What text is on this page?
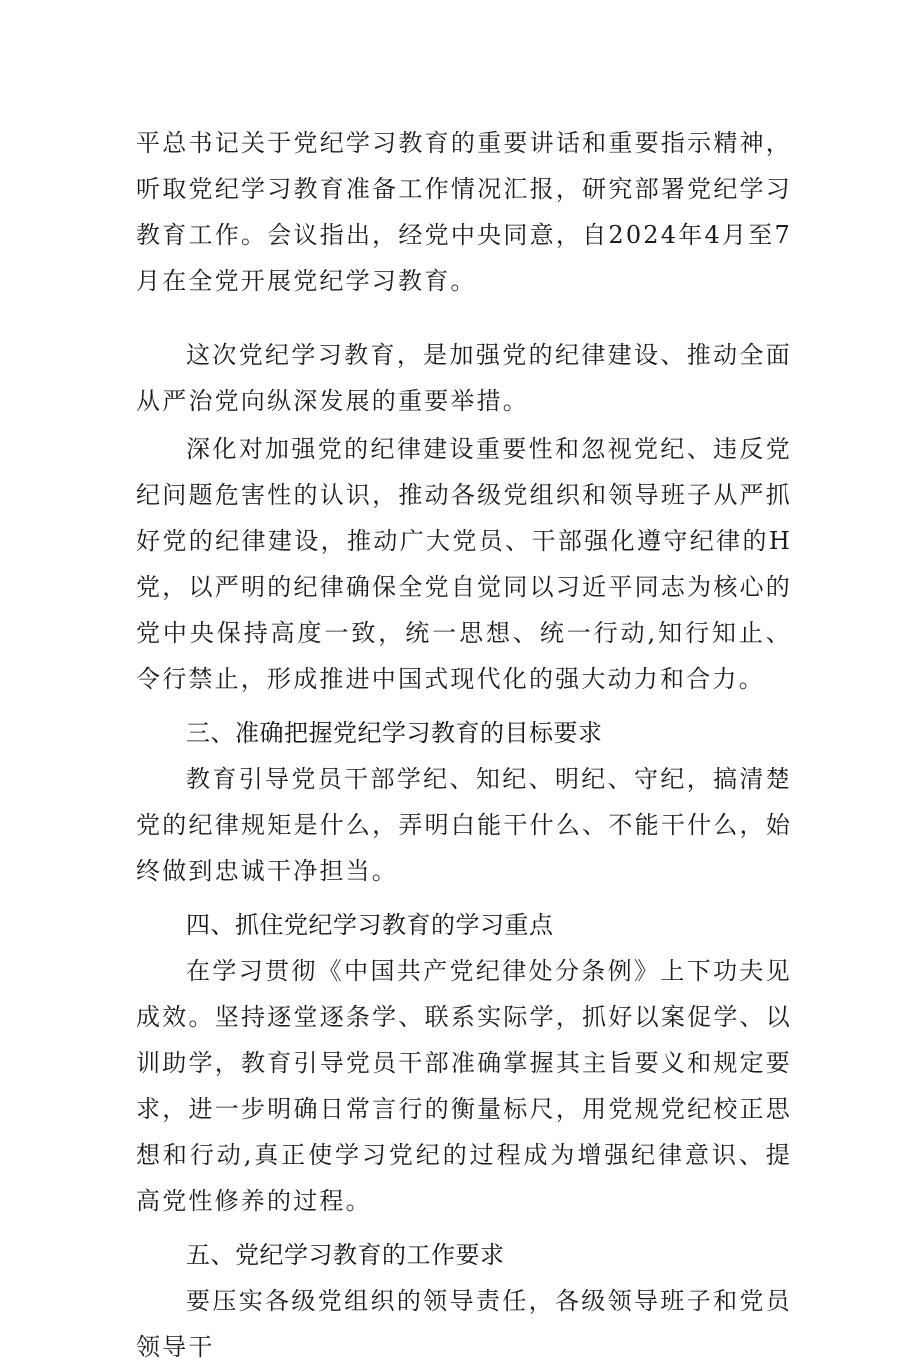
平总书记关于党纪学习教育的重要讲话和重要指示精神，听取党纪学习教育准备工作情况汇报，研究部署党纪学习教育工作。会议指出，经党中央同意，自2024年4月至7月在全党开展党纪学习教育。

这次党纪学习教育，是加强党的纪律建设、推动全面从严治党向纵深发展的重要举措。

深化对加强党的纪律建设重要性和忽视党纪、违反党纪问题危害性的认识，推动各级党组织和领导班子从严抓好党的纪律建设，推动广大党员、干部强化遵守纪律的H党，以严明的纪律确保全党自觉同以习近平同志为核心的党中央保持高度一致，统一思想、统一行动,知行知止、令行禁止，形成推进中国式现代化的强大动力和合力。

三、准确把握党纪学习教育的目标要求

教育引导党员干部学纪、知纪、明纪、守纪，搞清楚党的纪律规矩是什么，弄明白能干什么、不能干什么，始终做到忠诚干净担当。

四、抓住党纪学习教育的学习重点

在学习贯彻《中国共产党纪律处分条例》上下功夫见成效。坚持逐堂逐条学、联系实际学，抓好以案促学、以训助学，教育引导党员干部准确掌握其主旨要义和规定要求，进一步明确日常言行的衡量标尺，用党规党纪校正思想和行动,真正使学习党纪的过程成为增强纪律意识、提高党性修养的过程。

五、党纪学习教育的工作要求

要压实各级党组织的领导责任，各级领导班子和党员领导干
